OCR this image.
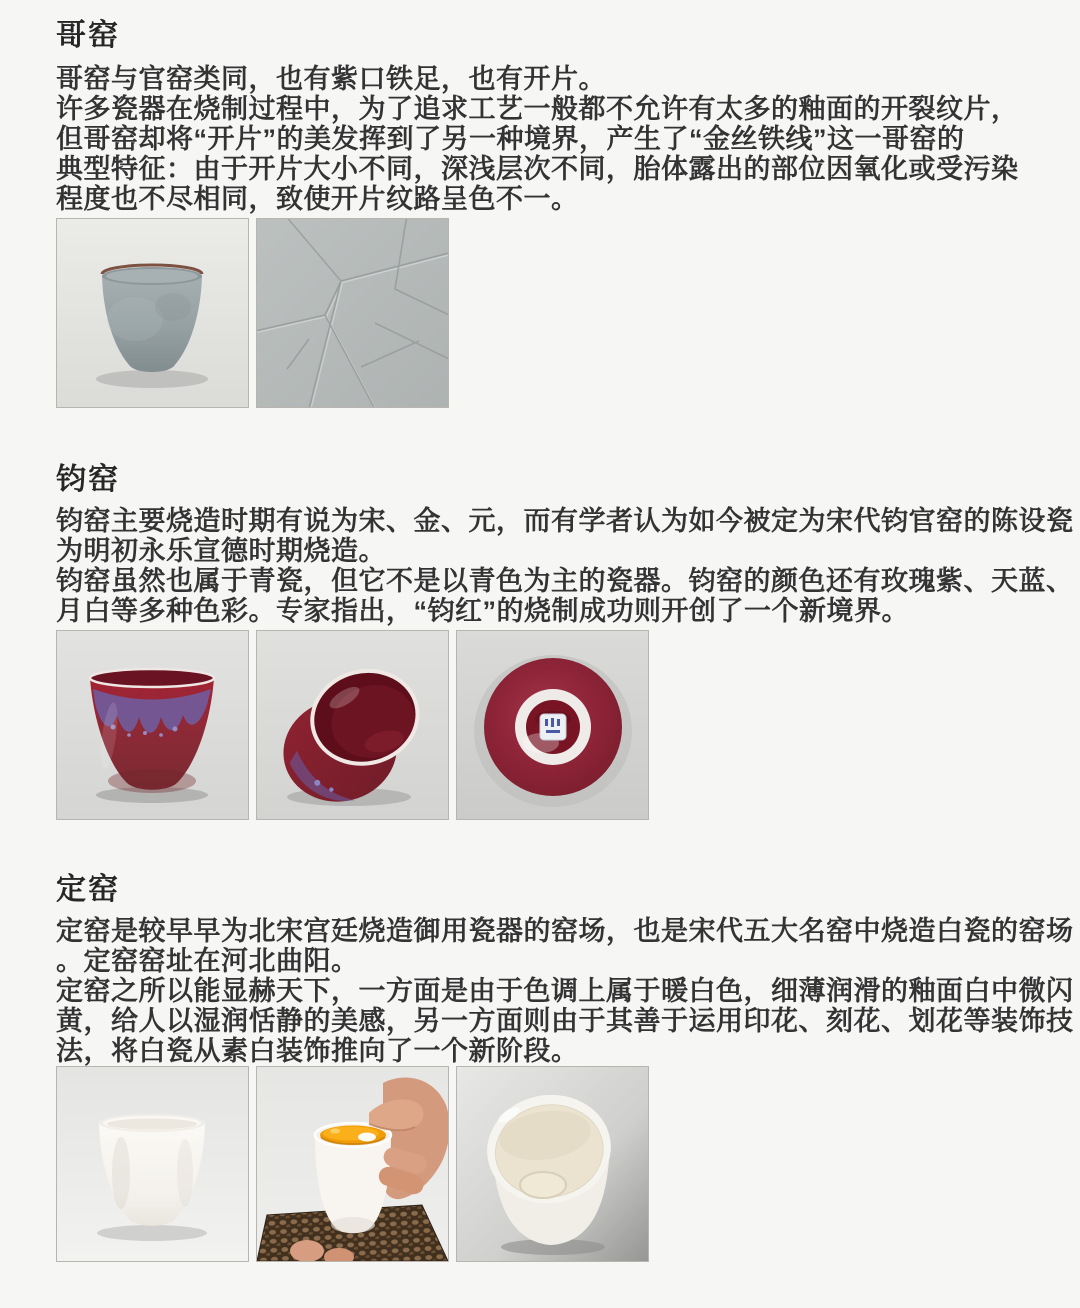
哥窑
哥窑与官窑类同，也有紫口铁足，也有开片。
许多瓷器在烧制过程中，为了追求工艺一般都不允许有太多的釉面的开裂纹片，
但哥窑却将“开片”的美发挥到了另一种境界，产生了“金丝铁线”这一哥窑的
典型特征：由于开片大小不同，深浅层次不同，胎体露出的部位因氧化或受污染
程度也不尽相同，致使开片纹路呈色不一。
钧窑
钧窑主要烧造时期有说为宋、金、元，而有学者认为如今被定为宋代钧官窑的陈设瓷
为明初永乐宣德时期烧造。
钧窑虽然也属于青瓷，但它不是以青色为主的瓷器。钧窑的颜色还有玫瑰紫、天蓝、
月白等多种色彩。专家指出，“钧红”的烧制成功则开创了一个新境界。
定窑
定窑是较早早为北宋宫廷烧造御用瓷器的窑场，也是宋代五大名窑中烧造白瓷的窑场
。定窑窑址在河北曲阳。
定窑之所以能显赫天下，一方面是由于色调上属于暖白色，细薄润滑的釉面白中微闪
黄，给人以湿润恬静的美感，另一方面则由于其善于运用印花、刻花、划花等装饰技
法，将白瓷从素白装饰推向了一个新阶段。
